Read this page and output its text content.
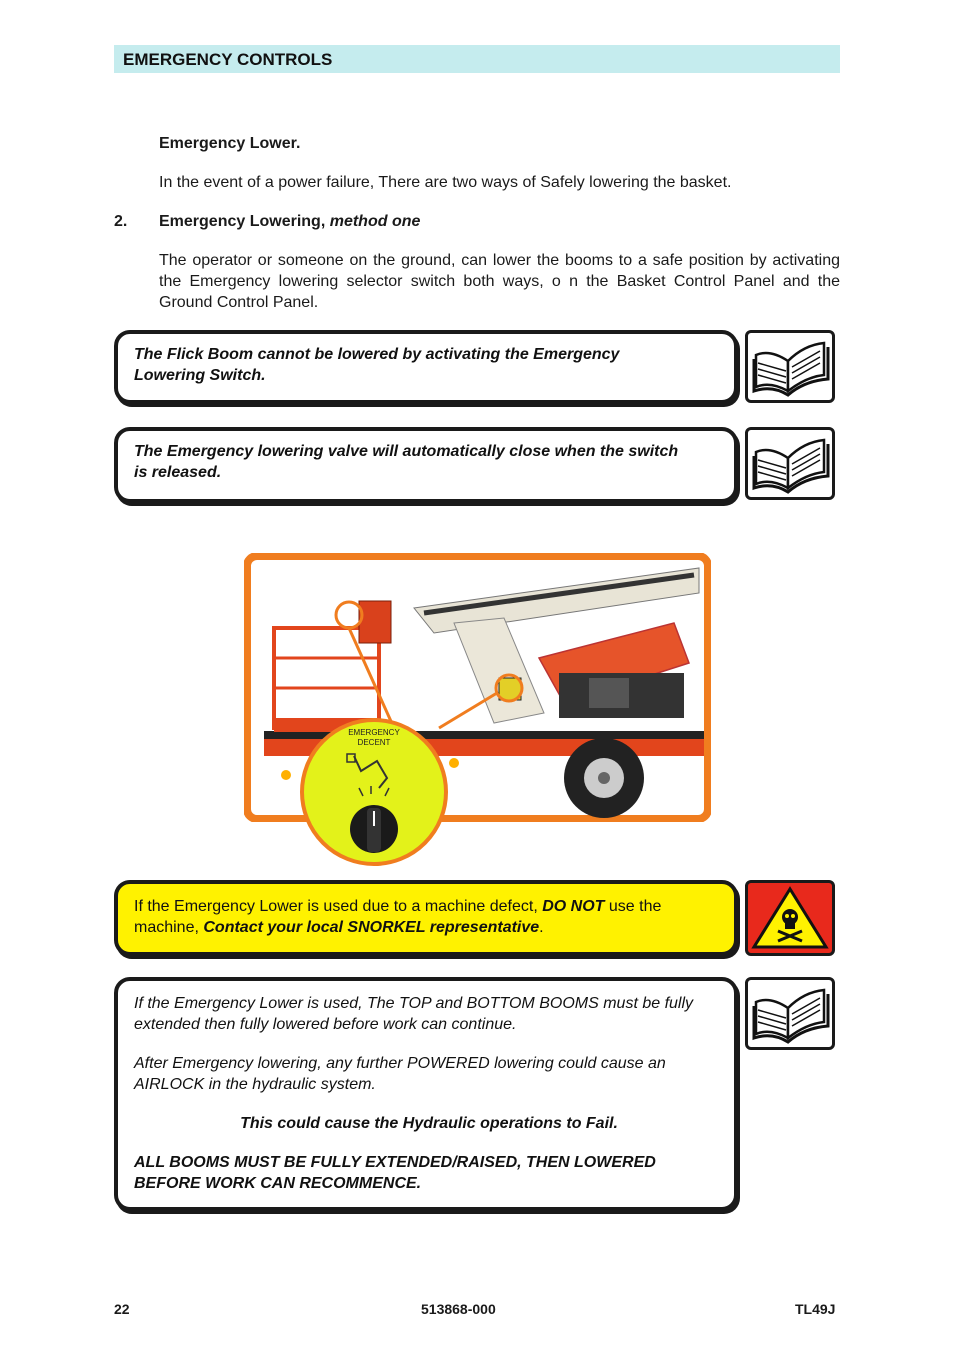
EMERGENCY CONTROLS
Emergency Lower.
In the event of a power failure, There are two ways of Safely lowering the basket.
2. Emergency Lowering, method one
The operator or someone on the ground, can lower the booms to a safe position by activating the Emergency lowering selector switch both ways, o n the Basket Control Panel and the Ground Control Panel.
The Flick Boom cannot be lowered by activating the Emergency Lowering Switch.
The Emergency lowering valve will automatically close when the switch is released.
EMERGENCY
DECENT
If the Emergency Lower is used due to a machine defect, DO NOT use the machine, Contact your local SNORKEL representative.
If the Emergency Lower is used, The TOP and BOTTOM BOOMS must be fully extended then fully lowered before work can continue.
After Emergency lowering, any further POWERED lowering could cause an AIRLOCK in the hydraulic system.
This could cause the Hydraulic operations to Fail.
ALL BOOMS MUST BE FULLY EXTENDED/RAISED, THEN LOWERED BEFORE WORK CAN RECOMMENCE.
22	513868-000	TL49J
